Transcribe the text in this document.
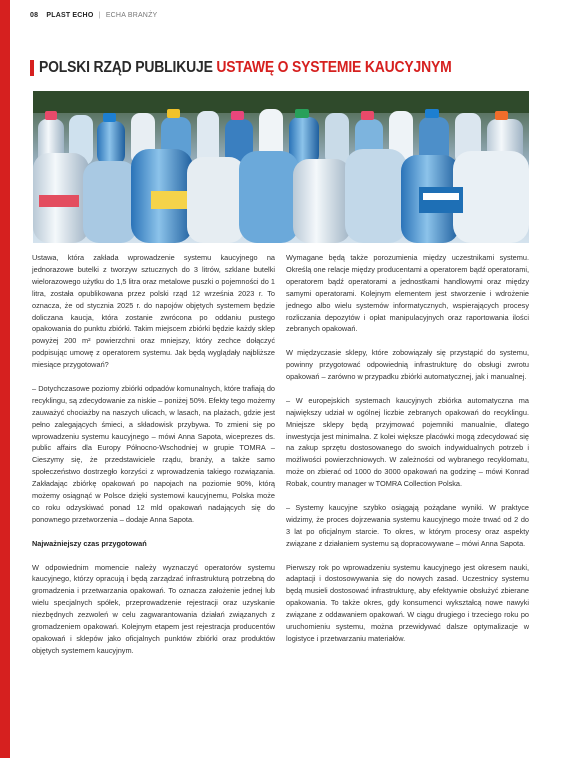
08 PLAST ECHO | ECHA BRANŻY
POLSKI RZĄD PUBLIKUJE USTAWĘ O SYSTEMIE KAUCYJNYM

Ustawa, która zakłada wprowadzenie systemu kaucyjnego na jednorazowe butelki z tworzyw sztucznych do 3 litrów, szklane butelki wielorazowego użytku do 1,5 litra oraz metalowe puszki o pojemności do 1 litra, została opublikowana przez polski rząd 12 września 2023 r. To oznacza, że od stycznia 2025 r. do napojów objętych systemem będzie doliczana kaucja, która zostanie zwrócona po oddaniu pustego opakowania do punktu zbiórki. Takim miejscem zbiórki będzie każdy sklep powyżej 200 m² powierzchni oraz mniejszy, który zechce dołączyć podpisując umowę z operatorem systemu. Jak będą wyglądały najbliższe miesiące przygotowań?

– Dotychczasowe poziomy zbiórki odpadów komunalnych, które trafiają do recyklingu, są zdecydowanie za niskie – poniżej 50%. Efekty tego możemy zauważyć chociażby na naszych ulicach, w lasach, na plażach, gdzie jest pełno zalegających śmieci, a składowisk przybywa. To zmieni się po wprowadzeniu systemu kaucyjnego – mówi Anna Sapota, wiceprezes ds. public affairs dla Europy Północno-Wschodniej w grupie TOMRA – Cieszymy się, że przedstawiciele rządu, branży, a także samo społeczeństwo dostrzegło korzyści z wprowadzenia takiego rozwiązania. Zakładając zbiórkę opakowań po napojach na poziomie 90%, którą możemy osiągnąć w Polsce dzięki systemowi kaucyjnemu, Polska może co roku odzyskiwać ponad 12 mld opakowań nadających się do ponownego przetworzenia – dodaje Anna Sapota.

Najważniejszy czas przygotowań

W odpowiednim momencie należy wyznaczyć operatorów systemu kaucyjnego, którzy opracują i będą zarządzać infrastrukturą potrzebną do gromadzenia i przetwarzania opakowań. To oznacza założenie jednej lub wielu specjalnych spółek, przeprowadzenie rejestracji oraz uzyskanie niezbędnych zezwoleń w celu zagwarantowania działań związanych z gromadzeniem opakowań. Kolejnym etapem jest rejestracja producentów opakowań i sklepów jako oficjalnych punktów zbiórki oraz produktów objętych systemem kaucyjnym.

Wymagane będą także porozumienia między uczestnikami systemu. Określą one relacje między producentami a operatorem bądź operatorami, operatorem bądź operatorami a jednostkami handlowymi oraz między samymi operatorami. Kolejnym elementem jest stworzenie i wdrożenie jednego albo wielu systemów informatycznych, wspierających procesy rozliczania depozytów i opłat manipulacyjnych oraz raportowania ilości zebranych opakowań.

W międzyczasie sklepy, które zobowiązały się przystąpić do systemu, powinny przygotować odpowiednią infrastrukturę do obsługi zwrotu opakowań – zarówno w przypadku zbiórki automatycznej, jak i manualnej.

– W europejskich systemach kaucyjnych zbiórka automatyczna ma największy udział w ogólnej liczbie zebranych opakowań do recyklingu. Mniejsze sklepy będą przyjmować pojemniki manualnie, dlatego inwestycja jest minimalna. Z kolei większe placówki mogą zdecydować się na zakup sprzętu dostosowanego do swoich indywidualnych potrzeb i możliwości powierzchniowych. W zależności od wybranego recyklomatu, może on zbierać od 1000 do 3000 opakowań na godzinę – mówi Konrad Robak, country manager w TOMRA Collection Polska.

– Systemy kaucyjne szybko osiągają pożądane wyniki. W praktyce widzimy, że proces dojrzewania systemu kaucyjnego może trwać od 2 do 3 lat po oficjalnym starcie. To okres, w którym procesy oraz aspekty związane z działaniem systemu są dopracowywane – mówi Anna Sapota.

Pierwszy rok po wprowadzeniu systemu kaucyjnego jest okresem nauki, adaptacji i dostosowywania się do nowych zasad. Uczestnicy systemu będą musieli dostosować infrastrukturę, aby efektywnie obsłużyć zbierane opakowania. To także okres, gdy konsumenci wykształcą nowe nawyki związane z oddawaniem opakowań. W ciągu drugiego i trzeciego roku po uruchomieniu systemu, można przewidywać dalsze optymalizacje w logistyce i przetwarzaniu materiałów.
